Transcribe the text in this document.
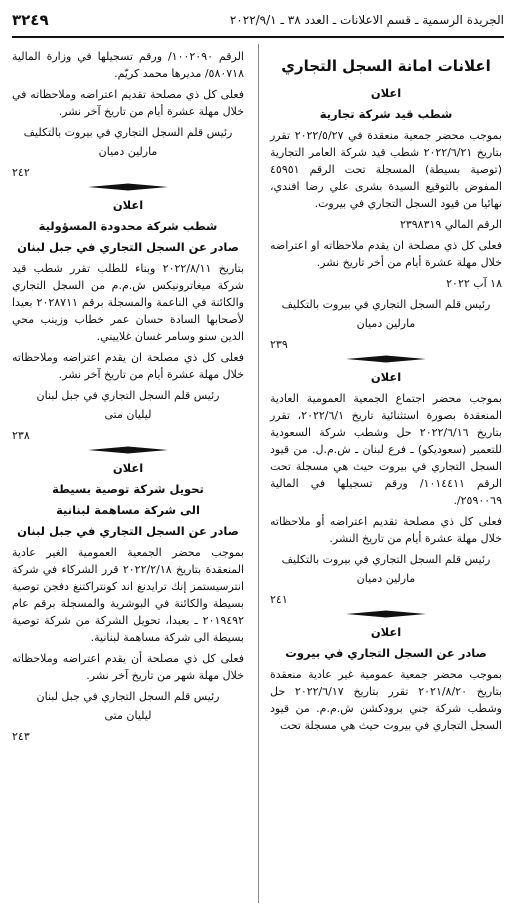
الجريدة الرسمية ـ قسم الاعلانات ـ العدد ٣٨ ـ ٢٠٢٢/٩/١
٣٢٤٩
اعلانات امانة السجل التجاري
اعلان
شطب قيد شركة تجارية

بموجب محضر جمعية منعقدة في ٢٠٢٢/٥/٢٧ تقرر بتاريخ ٢٠٢٢/٦/٢١ شطب قيد شركة العامر التجارية (توصية بسيطة) المسجلة تحت الرقم ٤٥٩٥١ المفوض بالتوقيع السيدة بشرى علي رضا افندي، نهائيا من قيود السجل التجاري في بيروت.

الرقم المالي ٢٣٩٨٣١٩

فعلى كل ذي مصلحة ان يقدم ملاحظاته او اعتراضه خلال مهلة عشرة أيام من أخر تاريخ نشر.

١٨ آب ٢٠٢٢

رئيس قلم السجل التجاري في بيروت بالتكليف
مارلين دميان
٢٣٩
اعلان

بموجب محضر اجتماع الجمعية العمومية العادية المنعقدة بصورة استثنائية تاريخ ٢٠٢٢/٦/١، تقرر بتاريخ ٢٠٢٢/٦/١٦ حل وشطب شركة السعودية للتعمير (سعوديكو) ـ فرع لبنان ـ ش.م.ل. من قيود السجل التجاري في بيروت حيث هي مسجلة تحت الرقم ١٠١٤٤١١/ ورقم تسجيلها في المالية ٢٥٩٠٠٦٩/.

فعلى كل ذي مصلحة تقديم اعتراضه أو ملاحظاته خلال مهلة عشرة أيام من تاريخ النشر.

رئيس قلم السجل التجاري في بيروت بالتكليف
مارلين دميان
٢٤١
اعلان
صادر عن السجل التجاري في بيروت

بموجب محضر جمعية عمومية غير عادية منعقدة بتاريخ ٢٠٢١/٨/٢٠ تقرر بتاريخ ٢٠٢٢/٦/١٧ حل وشطب شركة جني برودكشن ش.م.م. من قيود السجل التجاري في بيروت حيث هي مسجلة تحت

الرقم ١٠٠٢٠٩٠/ ورقم تسجيلها في وزارة المالية ٥٨٠٧١٨/ مديرها محمد كريّم.

فعلى كل ذي مصلحة تقديم اعتراضه وملاحظاته في خلال مهلة عشرة أيام من تاريخ آخر نشر.

رئيس قلم السجل التجاري في بيروت بالتكليف
مارلين دميان
٢٤٢
اعلان
شطب شركة محدودة المسؤولية
صادر عن السجل التجاري في جبل لبنان

بتاريخ ٢٠٢٢/٨/١١ وبناء للطلب تقرر شطب قيد شركة ميغاترونيكس ش.م.م من السجل التجاري والكائنة في الناعمة والمسجلة برقم ٢٠٢٨٧١١ بعيدا لأصحابها السادة حسان عمر خطاب وزينب محي الدين سنو وسامر غسان غلاييني.

فعلى كل ذي مصلحة ان يقدم اعتراضه وملاحظاته خلال مهلة عشرة أيام من تاريخ آخر نشر.

رئيس قلم السجل التجاري في جبل لبنان
ليليان متى
٢٣٨
اعلان
تحويل شركة توصية بسيطة
الى شركة مساهمة لبنانية
صادر عن السجل التجاري في جبل لبنان

بموجب محضر الجمعية العمومية الغير عادية المنعقدة بتاريخ ٢٠٢٢/٢/١٨ قرر الشركاء في شركة انترسيستمز إنك ترايدنغ اند كونتراكتنغ دفجن توصية بسيطة والكائنة في البوشرية والمسجلة برقم عام ٢٠١٩٤٩٢ ـ بعبدا، تحويل الشركة من شركة توصية بسيطة الى شركة مساهمة لبنانية.

فعلى كل ذي مصلحة أن يقدم اعتراضه وملاحظاته خلال مهلة شهر من تاريخ آخر نشر.

رئيس قلم السجل التجاري في جبل لبنان
ليليان متى
٢٤٣
